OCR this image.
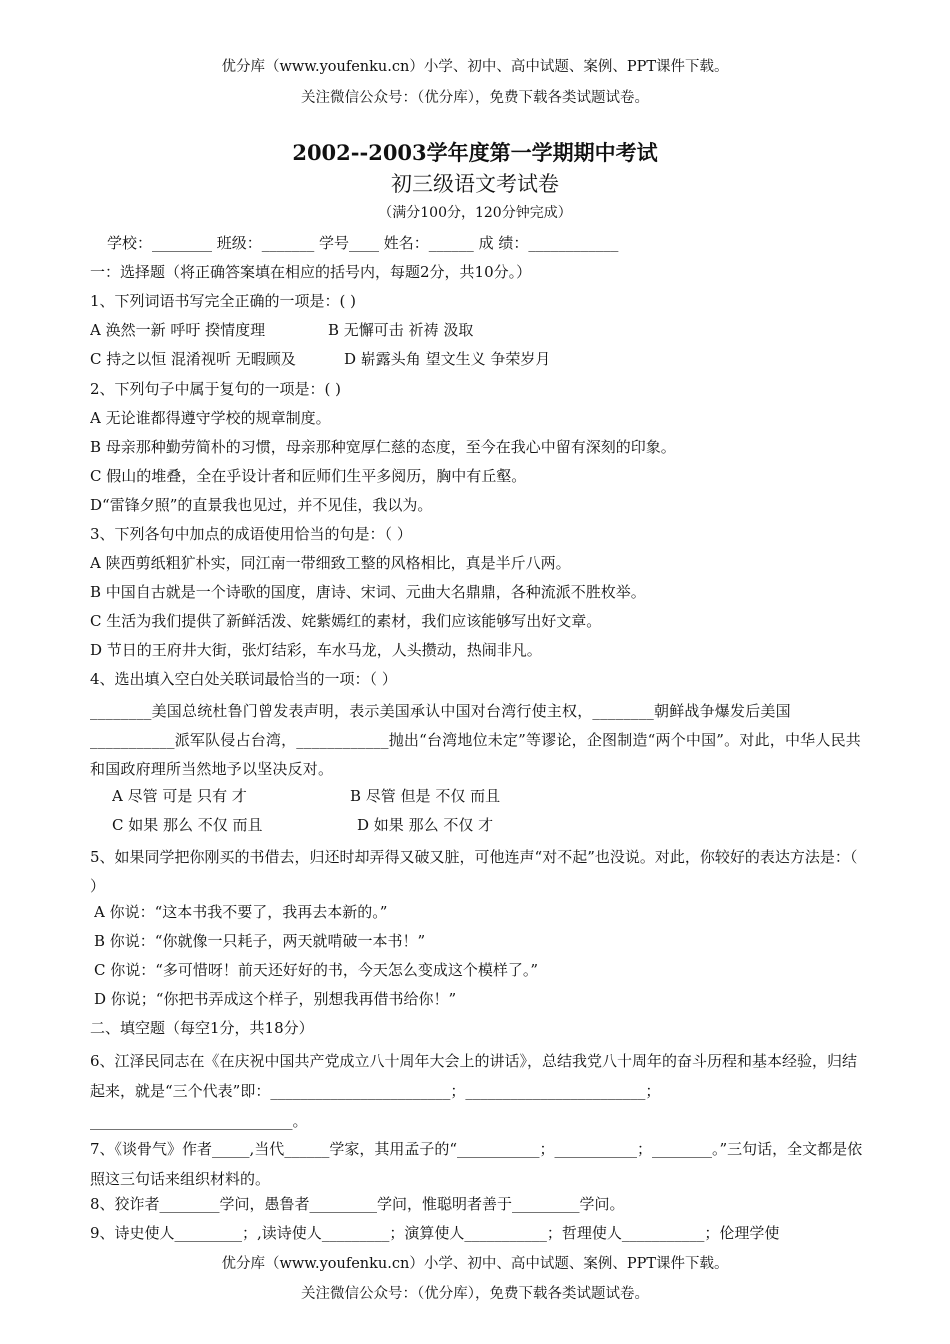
优分库（www.youfenku.cn）小学、初中、高中试题、案例、PPT课件下载。
关注微信公众号：（优分库），免费下载各类试题试卷。
2002--2003学年度第一学期期中考试
初三级语文考试卷
（满分100分，120分钟完成）
学校：________ 班级：_______ 学号____ 姓名：______ 成 绩：____________
一：选择题（将正确答案填在相应的括号内，每题2分，共10分。）
1、下列词语书写完全正确的一项是：( )
A 涣然一新 呼吁 揆情度理	B 无懈可击 祈祷 汲取
C 持之以恒 混淆视听 无暇顾及	D 崭露头角 望文生义 争荣岁月
2、下列句子中属于复句的一项是：( )
A 无论谁都得遵守学校的规章制度。
B 母亲那种勤劳简朴的习惯，母亲那种宽厚仁慈的态度，至今在我心中留有深刻的印象。
C 假山的堆叠，全在乎设计者和匠师们生平多阅历，胸中有丘壑。
D“雷锋夕照”的直景我也见过，并不见佳，我以为。
3、下列各句中加点的成语使用恰当的句是：（ ）
A 陕西剪纸粗犷朴实，同江南一带细致工整的风格相比，真是半斤八两。
B 中国自古就是一个诗歌的国度，唐诗、宋词、元曲大名鼎鼎，各种流派不胜枚举。
C 生活为我们提供了新鲜活泼、姹紫嫣红的素材，我们应该能够写出好文章。
D 节日的王府井大街，张灯结彩，车水马龙，人头攒动，热闹非凡。
4、选出填入空白处关联词最恰当的一项：（ ）
________美国总统杜鲁门曾发表声明，表示美国承认中国对台湾行使主权，________朝鲜战争爆发后美国___________派军队侵占台湾，____________抛出“台湾地位未定”等谬论，企图制造“两个中国”。对此，中华人民共和国政府理所当然地予以坚决反对。
A 尽管 可是 只有 才	B 尽管 但是 不仅 而且
C 如果 那么 不仅 而且	D 如果 那么 不仅 才
5、如果同学把你刚买的书借去，归还时却弄得又破又脏，可他连声“对不起”也没说。对此，你较好的表达方法是：（ ）
A 你说：“这本书我不要了，我再去本新的。”
B 你说：“你就像一只耗子，两天就啃破一本书！”
C 你说：“多可惜呀！前天还好好的书，今天怎么变成这个模样了。”
D 你说；“你把书弄成这个样子，别想我再借书给你！”
二、填空题（每空1分，共18分）
6、江泽民同志在《在庆祝中国共产党成立八十周年大会上的讲话》，总结我党八十周年的奋斗历程和基本经验，归结起来，就是“三个代表”即：________________________；________________________；___________________________。
7、《谈骨气》作者_____,当代______学家，其用孟子的“___________；___________；________。”三句话，全文都是依照这三句话来组织材料的。
8、狡诈者________学问，愚鲁者_________学问，惟聪明者善于_________学问。
9、诗史使人_________；,读诗使人_________；演算使人___________；哲理使人___________；伦理学使
优分库（www.youfenku.cn）小学、初中、高中试题、案例、PPT课件下载。
关注微信公众号：（优分库），免费下载各类试题试卷。
